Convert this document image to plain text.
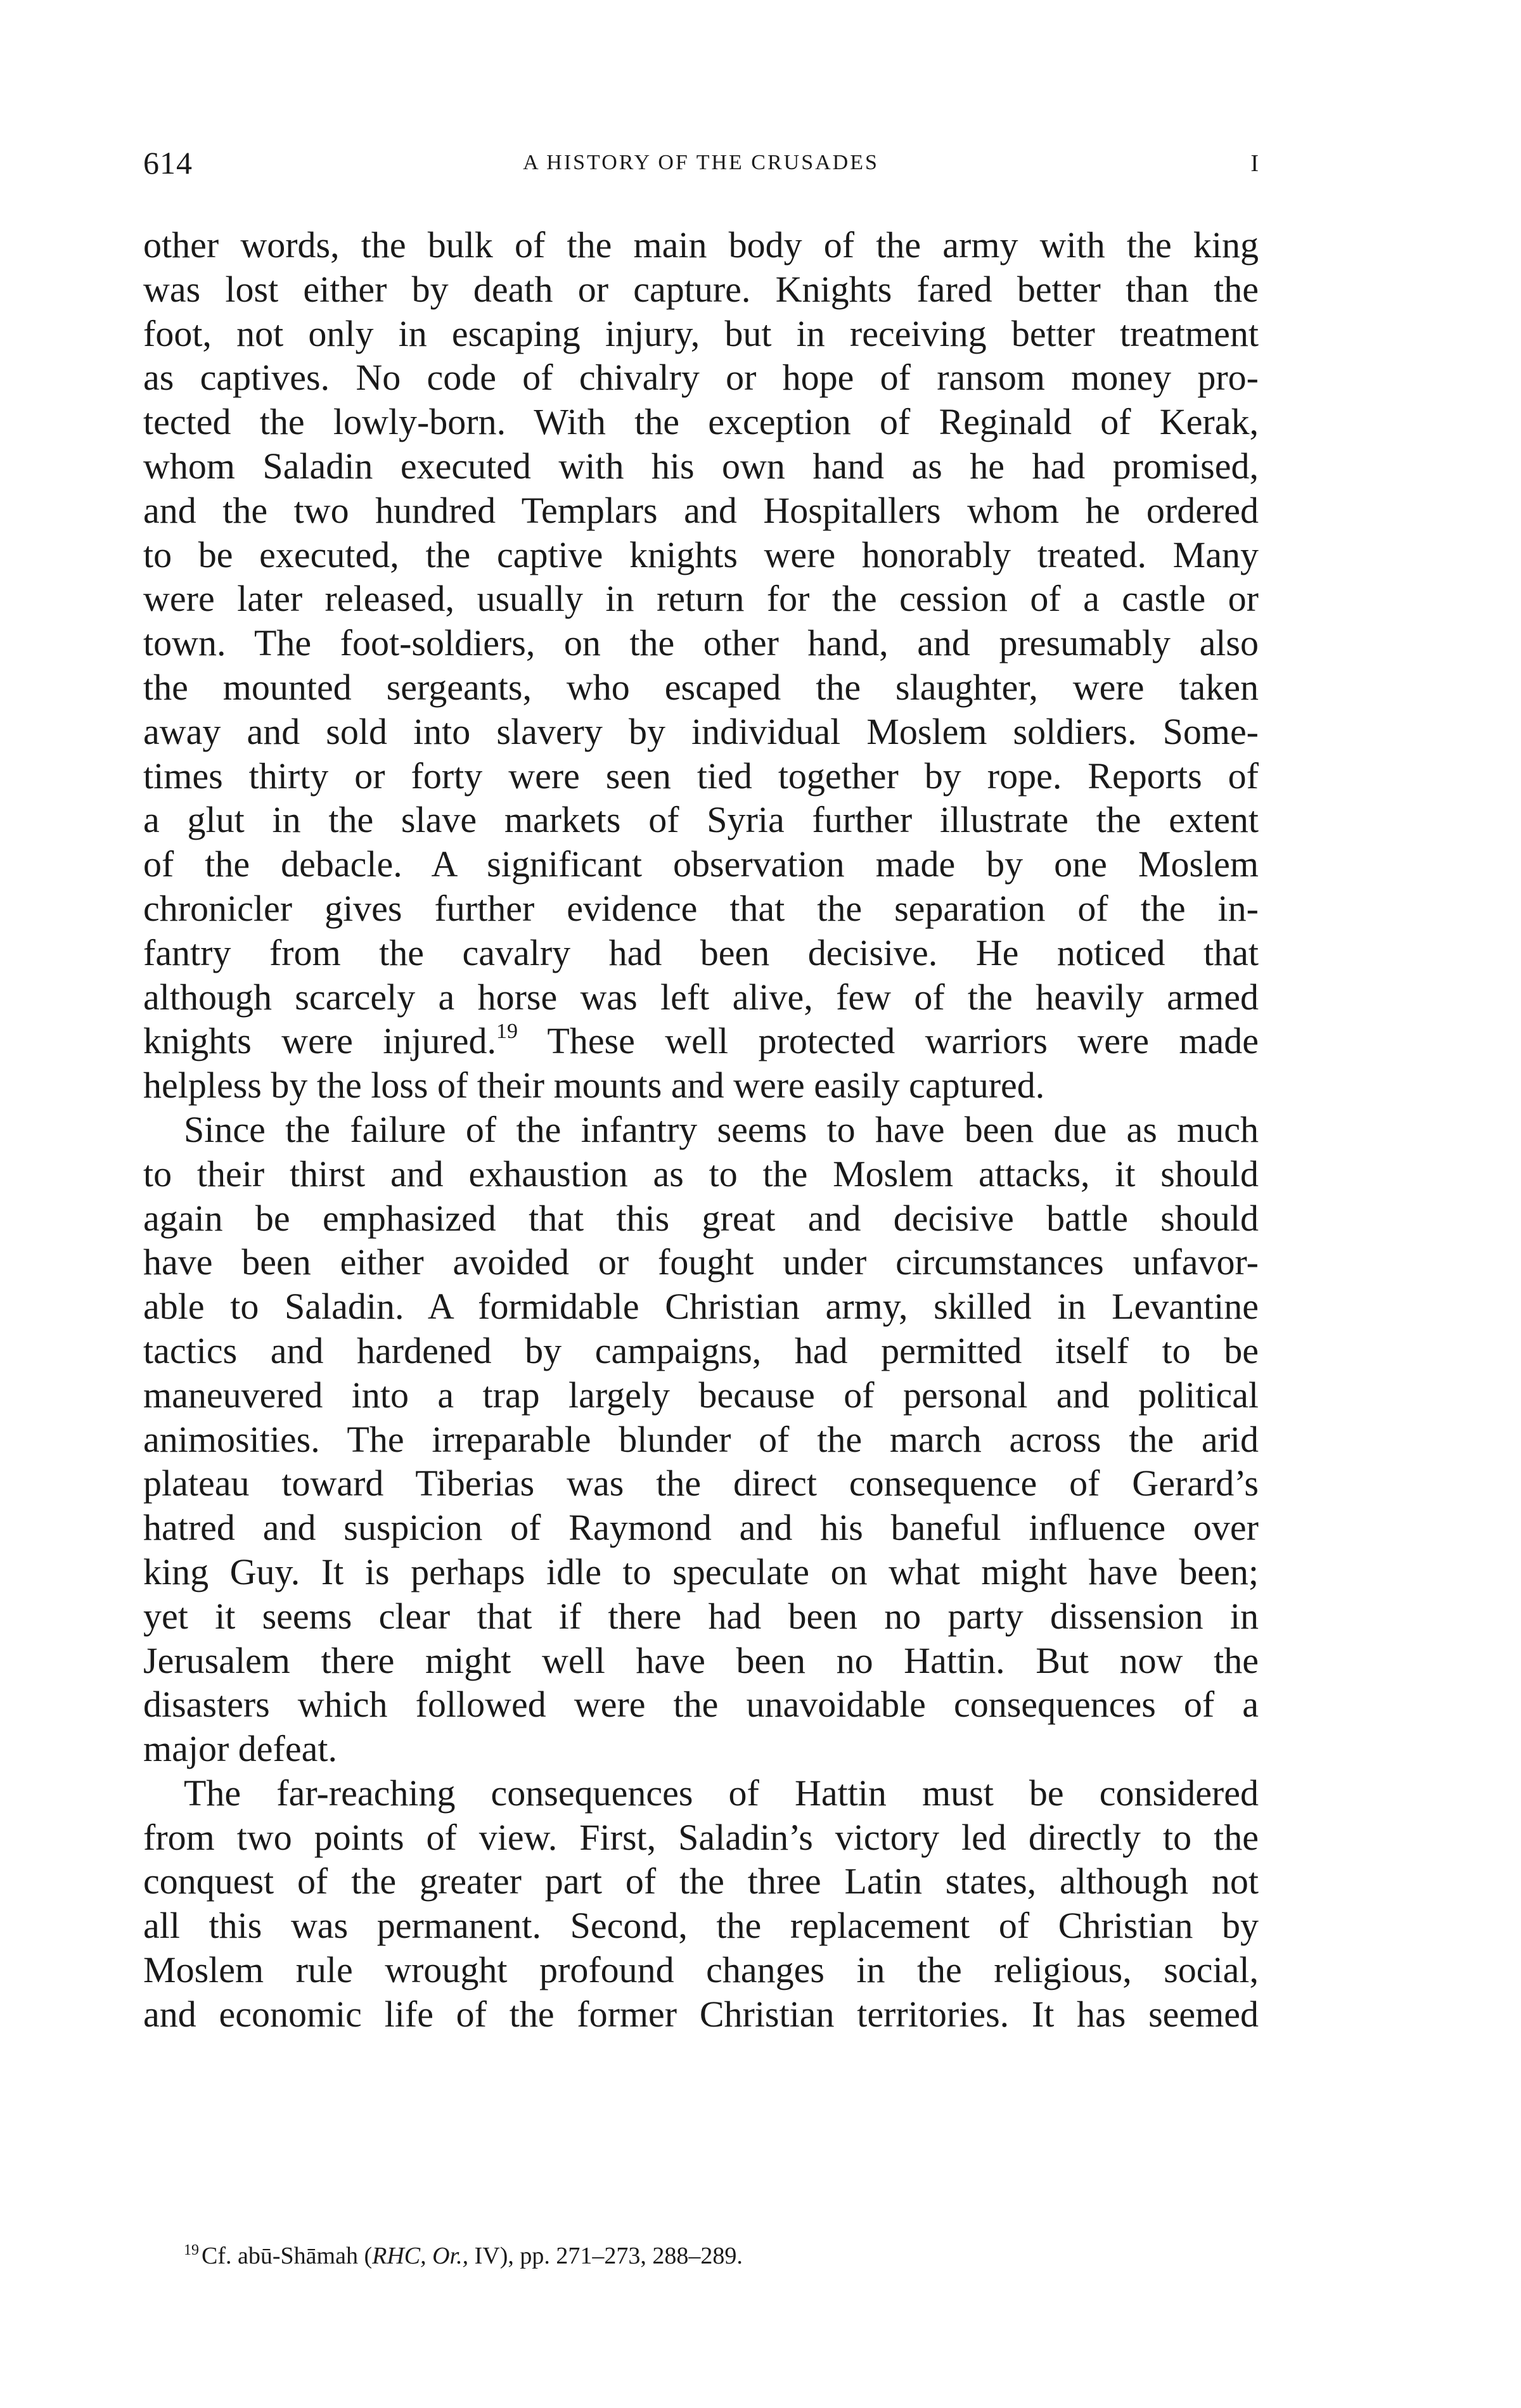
614	A HISTORY OF THE CRUSADES	I
other words, the bulk of the main body of the army with the king
was lost either by death or capture. Knights fared better than the
foot, not only in escaping injury, but in receiving better treatment
as captives. No code of chivalry or hope of ransom money pro-
tected the lowly-born. With the exception of Reginald of Kerak,
whom Saladin executed with his own hand as he had promised,
and the two hundred Templars and Hospitallers whom he ordered
to be executed, the captive knights were honorably treated. Many
were later released, usually in return for the cession of a castle or
town. The foot-soldiers, on the other hand, and presumably also
the mounted sergeants, who escaped the slaughter, were taken
away and sold into slavery by individual Moslem soldiers. Some-
times thirty or forty were seen tied together by rope. Reports of
a glut in the slave markets of Syria further illustrate the extent
of the debacle. A significant observation made by one Moslem
chronicler gives further evidence that the separation of the in-
fantry from the cavalry had been decisive. He noticed that
although scarcely a horse was left alive, few of the heavily armed
knights were injured.$^{19}$ These well protected warriors were made
helpless by the loss of their mounts and were easily captured.
Since the failure of the infantry seems to have been due as much
to their thirst and exhaustion as to the Moslem attacks, it should
again be emphasized that this great and decisive battle should
have been either avoided or fought under circumstances unfavor-
able to Saladin. A formidable Christian army, skilled in Levantine
tactics and hardened by campaigns, had permitted itself to be
maneuvered into a trap largely because of personal and political
animosities. The irreparable blunder of the march across the arid
plateau toward Tiberias was the direct consequence of Gerard’s
hatred and suspicion of Raymond and his baneful influence over
king Guy. It is perhaps idle to speculate on what might have been;
yet it seems clear that if there had been no party dissension in
Jerusalem there might well have been no Hattin. But now the
disasters which followed were the unavoidable consequences of a
major defeat.
The far-reaching consequences of Hattin must be considered
from two points of view. First, Saladin’s victory led directly to the
conquest of the greater part of the three Latin states, although not
all this was permanent. Second, the replacement of Christian by
Moslem rule wrought profound changes in the religious, social,
and economic life of the former Christian territories. It has seemed
$^{19}$ Cf. abū-Shāmah (RHC, Or., IV), pp. 271–273, 288–289.
